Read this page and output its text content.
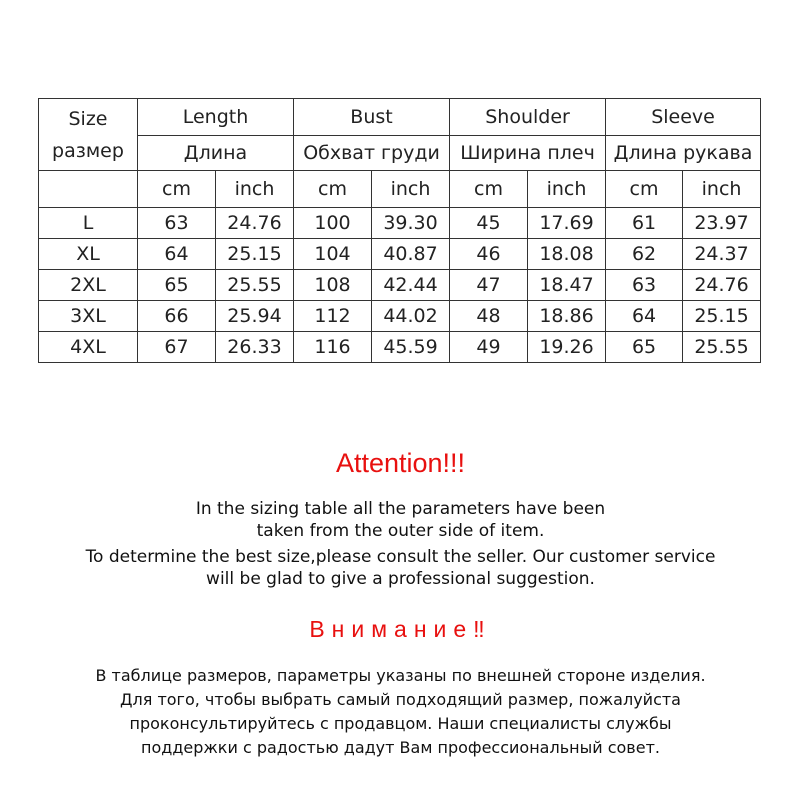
Size
размер	Length		Bust		Shoulder		Sleeve	
	Длина		Обхват груди		Ширина плеч		Длина рукава	
	cm	inch	cm	inch	cm	inch	cm	inch
L	63	24.76	100	39.30	45	17.69	61	23.97
XL	64	25.15	104	40.87	46	18.08	62	24.37
2XL	65	25.55	108	42.44	47	18.47	63	24.76
3XL	66	25.94	112	44.02	48	18.86	64	25.15
4XL	67	26.33	116	45.59	49	19.26	65	25.55
Attention!!!
In the sizing table all the parameters have been
taken from the outer side of item.
To determine the best size,please consult the seller. Our customer service
will be glad to give a professional suggestion.
Внимание‼
В таблице размеров, параметры указаны по внешней стороне изделия.
Для того, чтобы выбрать самый подходящий размер, пожалуйста
проконсультируйтесь с продавцом. Наши специалисты службы
поддержки с радостью дадут Вам профессиональный совет.
